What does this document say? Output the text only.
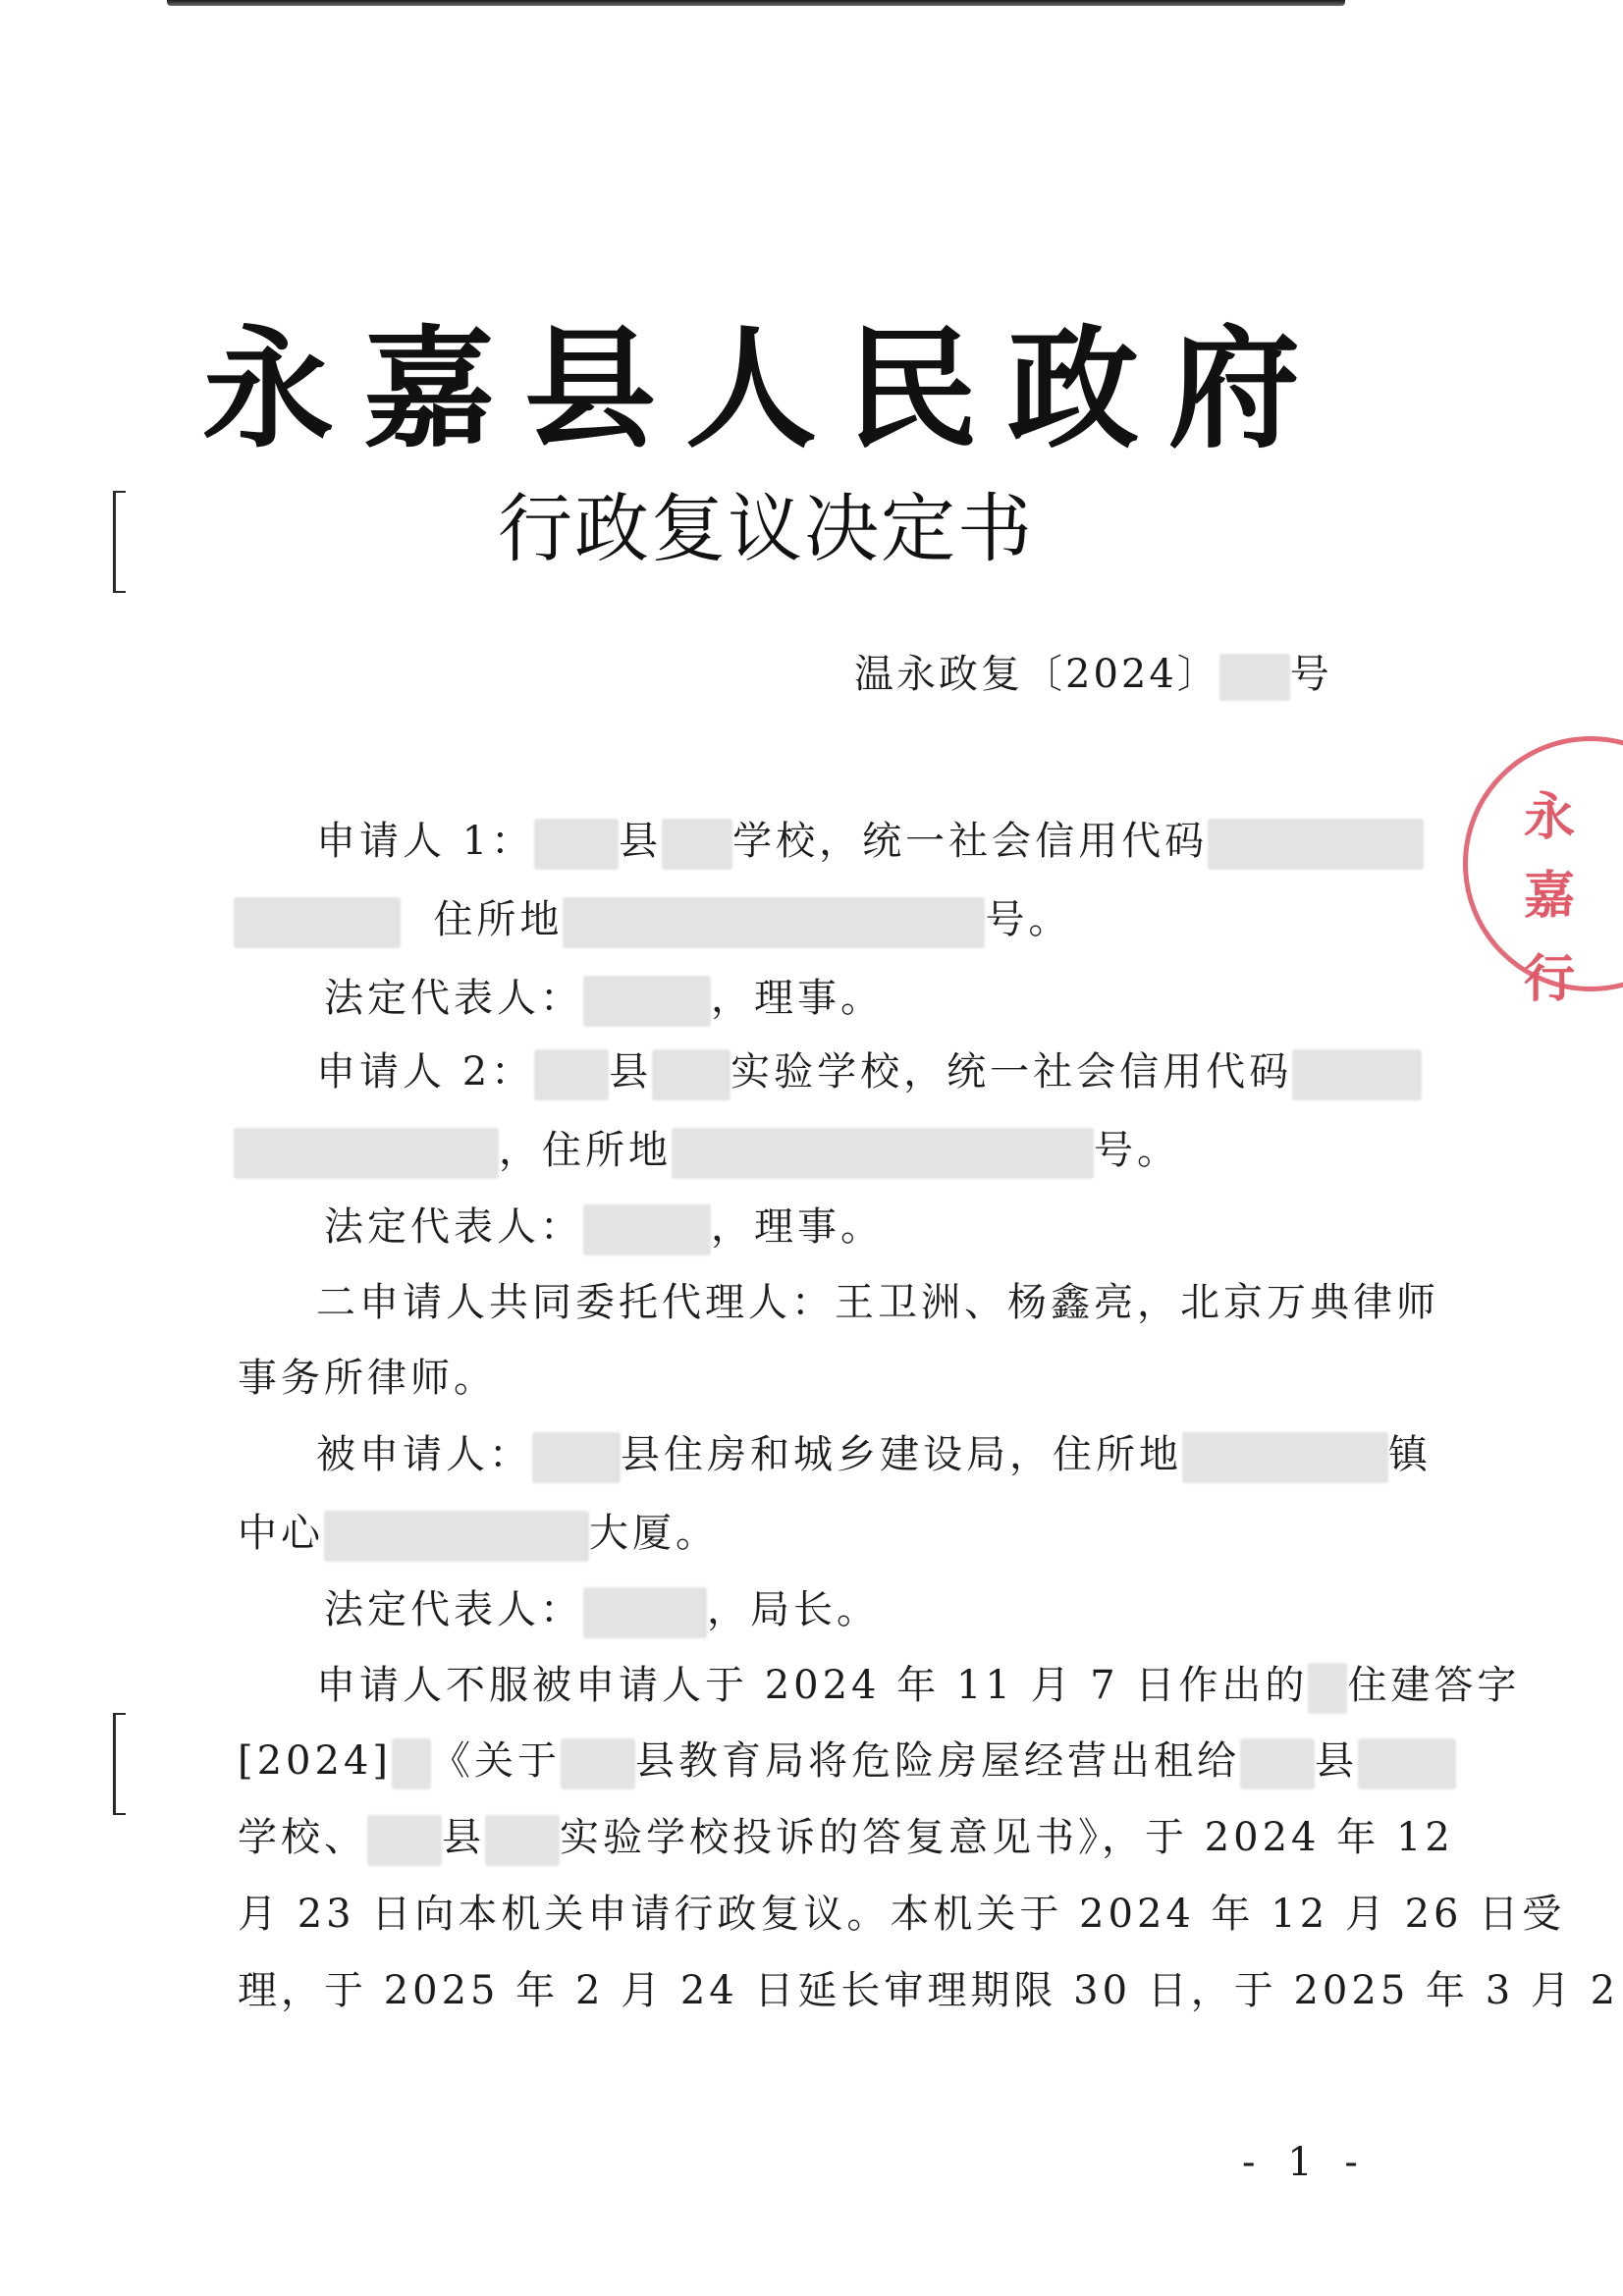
永
嘉
行
永嘉县人民政府
行政复议决定书
温永政复〔2024〕 号
申请人 1： 县 学校，统一社会信用代码
住所地	号。
法定代表人：	，理事。
申请人 2： 县 实验学校，统一社会信用代码
，住所地	号。
法定代表人：	，理事。
二申请人共同委托代理人：王卫洲、杨鑫亮，北京万典律师
事务所律师。
被申请人： 县住房和城乡建设局，住所地	镇
中心	大厦。
法定代表人：	，局长。
申请人不服被申请人于 2024 年 11 月 7 日作出的 住建答字
[2024] 《关于 县教育局将危险房屋经营出租给 县
学校、 县 实验学校投诉的答复意见书》，于 2024 年 12
月 23 日向本机关申请行政复议。本机关于 2024 年 12 月 26 日受
理，于 2025 年 2 月 24 日延长审理期限 30 日，于 2025 年 3 月 2
- 1 -
